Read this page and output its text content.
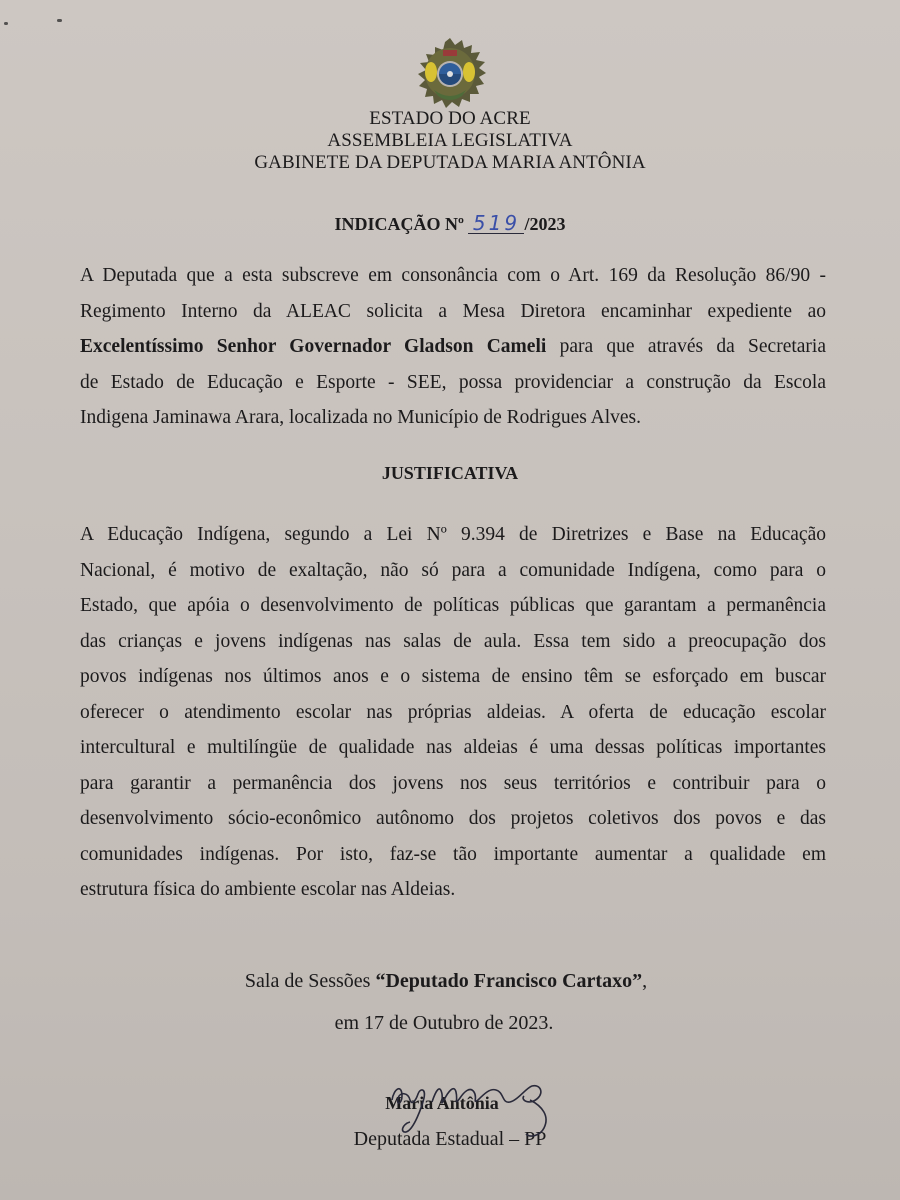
ESTADO DO ACRE
ASSEMBLEIA LEGISLATIVA
GABINETE DA DEPUTADA MARIA ANTÔNIA
INDICAÇÃO Nº 519 /2023
A Deputada que a esta subscreve em consonância com o Art. 169 da Resolução 86/90 -
Regimento Interno da ALEAC solicita a Mesa Diretora encaminhar expediente ao
Excelentíssimo Senhor Governador Gladson Cameli para que através da Secretaria
de Estado de Educação e Esporte - SEE, possa providenciar a construção da Escola
Indigena Jaminawa Arara, localizada no Município de Rodrigues Alves.
JUSTIFICATIVA
A Educação Indígena, segundo a Lei Nº 9.394 de Diretrizes e Base na Educação
Nacional, é motivo de exaltação, não só para a comunidade Indígena, como para o
Estado, que apóia o desenvolvimento de políticas públicas que garantam a permanência
das crianças e jovens indígenas nas salas de aula. Essa tem sido a preocupação dos
povos indígenas nos últimos anos e o sistema de ensino têm se esforçado em buscar
oferecer o atendimento escolar nas próprias aldeias. A oferta de educação escolar
intercultural e multilíngüe de qualidade nas aldeias é uma dessas políticas importantes
para garantir a permanência dos jovens nos seus territórios e contribuir para o
desenvolvimento sócio-econômico autônomo dos projetos coletivos dos povos e das
comunidades indígenas. Por isto, faz-se tão importante aumentar a qualidade em
estrutura física do ambiente escolar nas Aldeias.
Sala de Sessões “Deputado Francisco Cartaxo”,
em 17 de Outubro de 2023.
Maria Antônia
Deputada Estadual – PP
